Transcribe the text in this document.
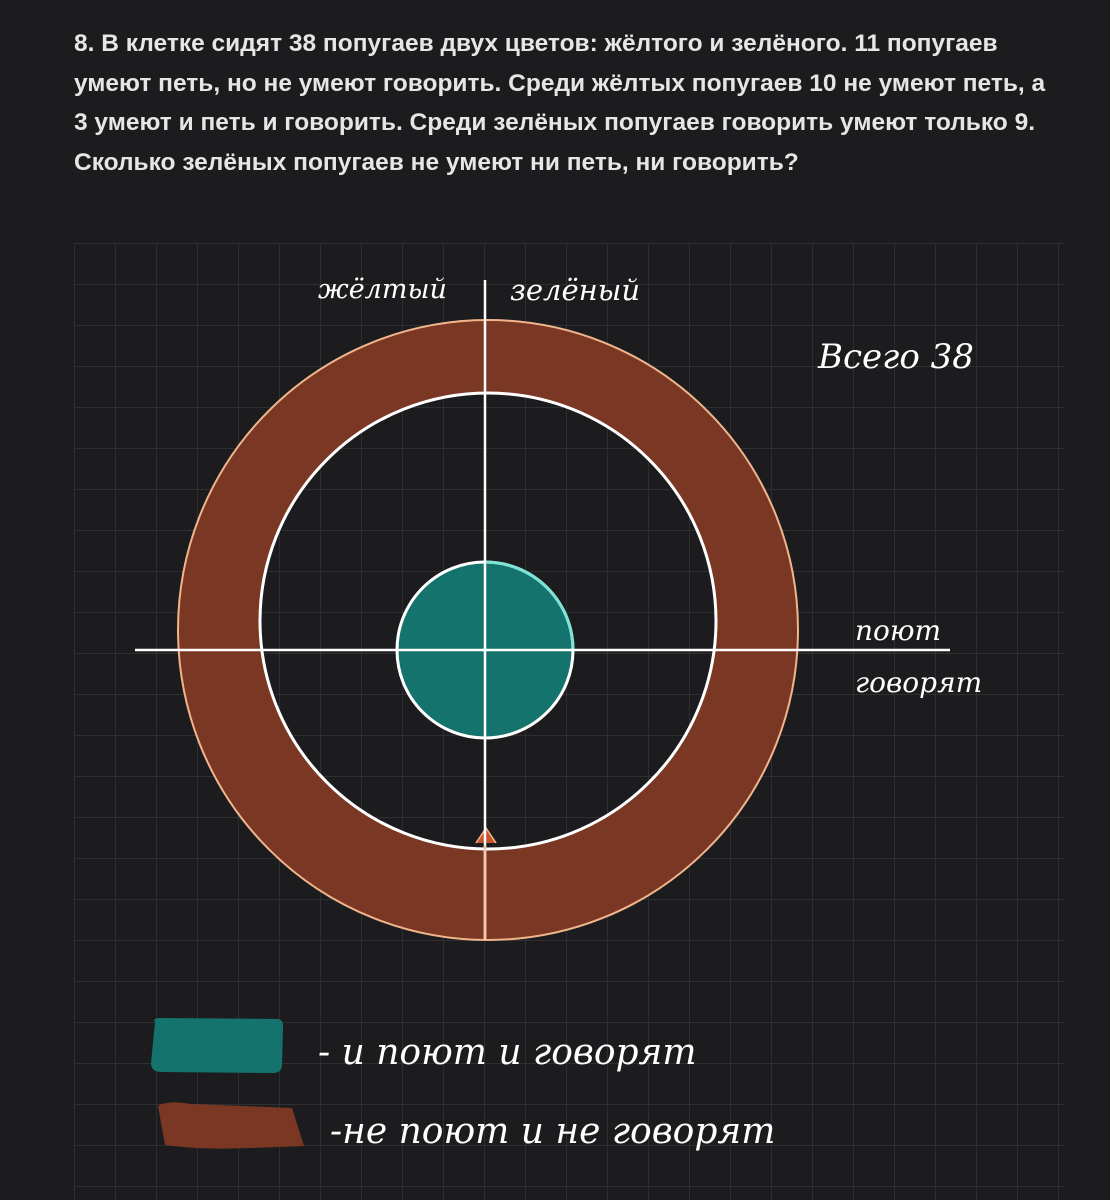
8. В клетке сидят 38 попугаев двух цветов: жёлтого и зелёного. 11 попугаев умеют петь, но не умеют говорить. Среди жёлтых попугаев 10 не умеют петь, а 3 умеют и петь и говорить. Среди зелёных попугаев говорить умеют только 9. Сколько зелёных попугаев не умеют ни петь, ни говорить?

жёлтый зелёный
Всего 38
поют
говорят
- и поют и говорят
-не поют и не говорят
